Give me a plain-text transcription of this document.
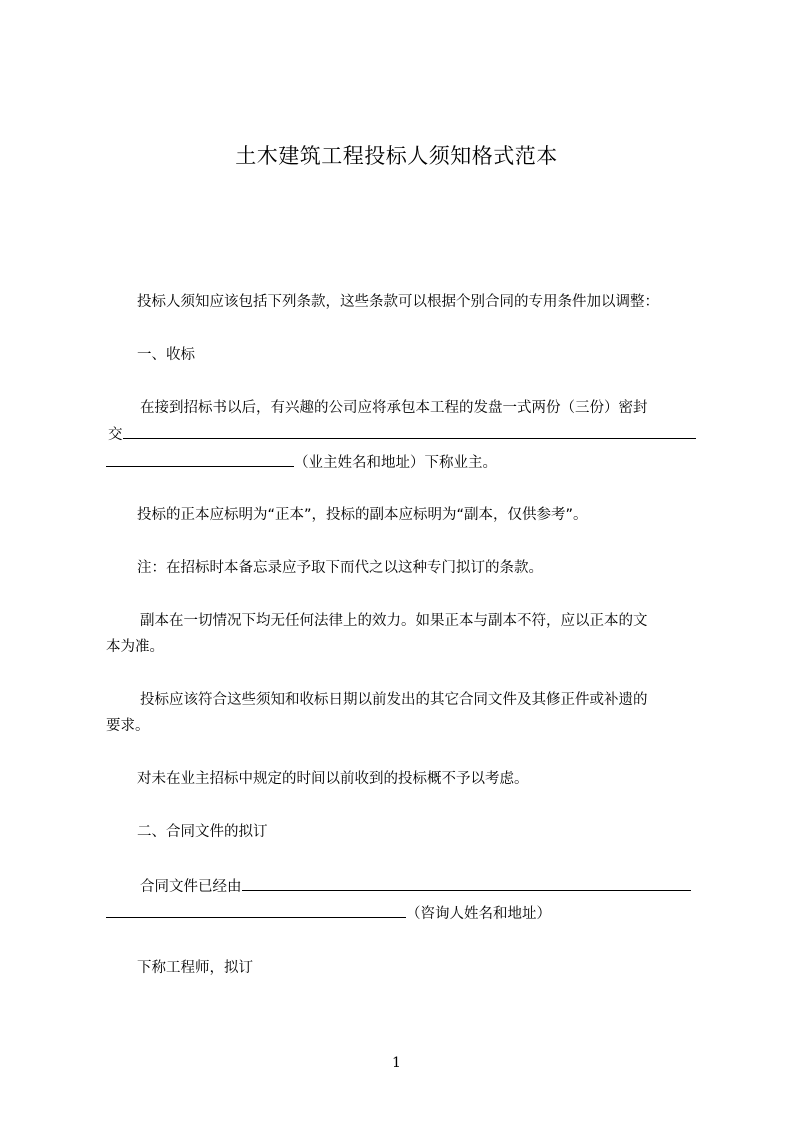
土木建筑工程投标人须知格式范本
投标人须知应该包括下列条款，这些条款可以根据个别合同的专用条件加以调整：
一、收标
在接到招标书以后，有兴趣的公司应将承包本工程的发盘一式两份（三份）密封
交
（业主姓名和地址）下称业主。
投标的正本应标明为“正本”，投标的副本应标明为“副本，仅供参考”。
注：在招标时本备忘录应予取下而代之以这种专门拟订的条款。
副本在一切情况下均无任何法律上的效力。如果正本与副本不符，应以正本的文
本为准。
投标应该符合这些须知和收标日期以前发出的其它合同文件及其修正件或补遗的
要求。
对未在业主招标中规定的时间以前收到的投标概不予以考虑。
二、合同文件的拟订
合同文件已经由
（咨询人姓名和地址）
下称工程师，拟订
1
